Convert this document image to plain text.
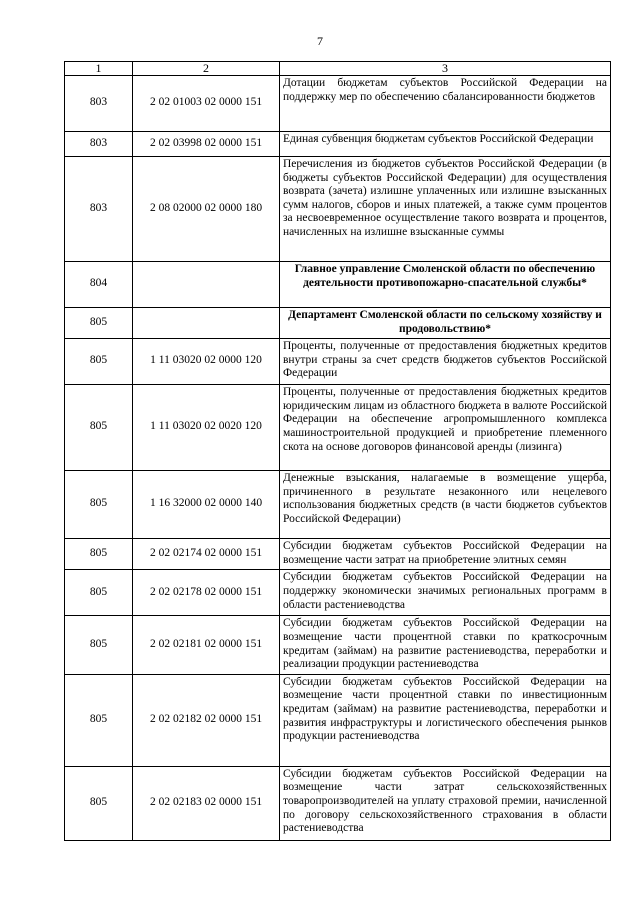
7
1	2	3
803	2 02 01003 02 0000 151	Дотации бюджетам субъектов Российской Федерации на поддержку мер по обеспечению сбалансированности бюджетов
803	2 02 03998 02 0000 151	Единая субвенция бюджетам субъектов Российской Федерации
803	2 08 02000 02 0000 180	Перечисления из бюджетов субъектов Российской Федерации (в бюджеты субъектов Российской Федерации) для осуществления возврата (зачета) излишне уплаченных или излишне взысканных сумм налогов, сборов и иных платежей, а также сумм процентов за несвоевременное осуществление такого возврата и процентов, начисленных на излишне взысканные суммы
804		Главное управление Смоленской области по обеспечению деятельности противопожарно-спасательной службы*
805		Департамент Смоленской области по сельскому хозяйству и продовольствию*
805	1 11 03020 02 0000 120	Проценты, полученные от предоставления бюджетных кредитов внутри страны за счет средств бюджетов субъектов Российской Федерации
805	1 11 03020 02 0020 120	Проценты, полученные от предоставления бюджетных кредитов юридическим лицам из областного бюджета в валюте Российской Федерации на обеспечение агропромышленного комплекса машиностроительной продукцией и приобретение племенного скота на основе договоров финансовой аренды (лизинга)
805	1 16 32000 02 0000 140	Денежные взыскания, налагаемые в возмещение ущерба, причиненного в результате незаконного или нецелевого использования бюджетных средств (в части бюджетов субъектов Российской Федерации)
805	2 02 02174 02 0000 151	Субсидии бюджетам субъектов Российской Федерации на возмещение части затрат на приобретение элитных семян
805	2 02 02178 02 0000 151	Субсидии бюджетам субъектов Российской Федерации на поддержку экономически значимых региональных программ в области растениеводства
805	2 02 02181 02 0000 151	Субсидии бюджетам субъектов Российской Федерации на возмещение части процентной ставки по краткосрочным кредитам (займам) на развитие растениеводства, переработки и реализации продукции растениеводства
805	2 02 02182 02 0000 151	Субсидии бюджетам субъектов Российской Федерации на возмещение части процентной ставки по инвестиционным кредитам (займам) на развитие растениеводства, переработки и развития инфраструктуры и логистического обеспечения рынков продукции растениеводства
805	2 02 02183 02 0000 151	Субсидии бюджетам субъектов Российской Федерации на возмещение части затрат сельскохозяйственных товаропроизводителей на уплату страховой премии, начисленной по договору сельскохозяйственного страхования в области растениеводства
